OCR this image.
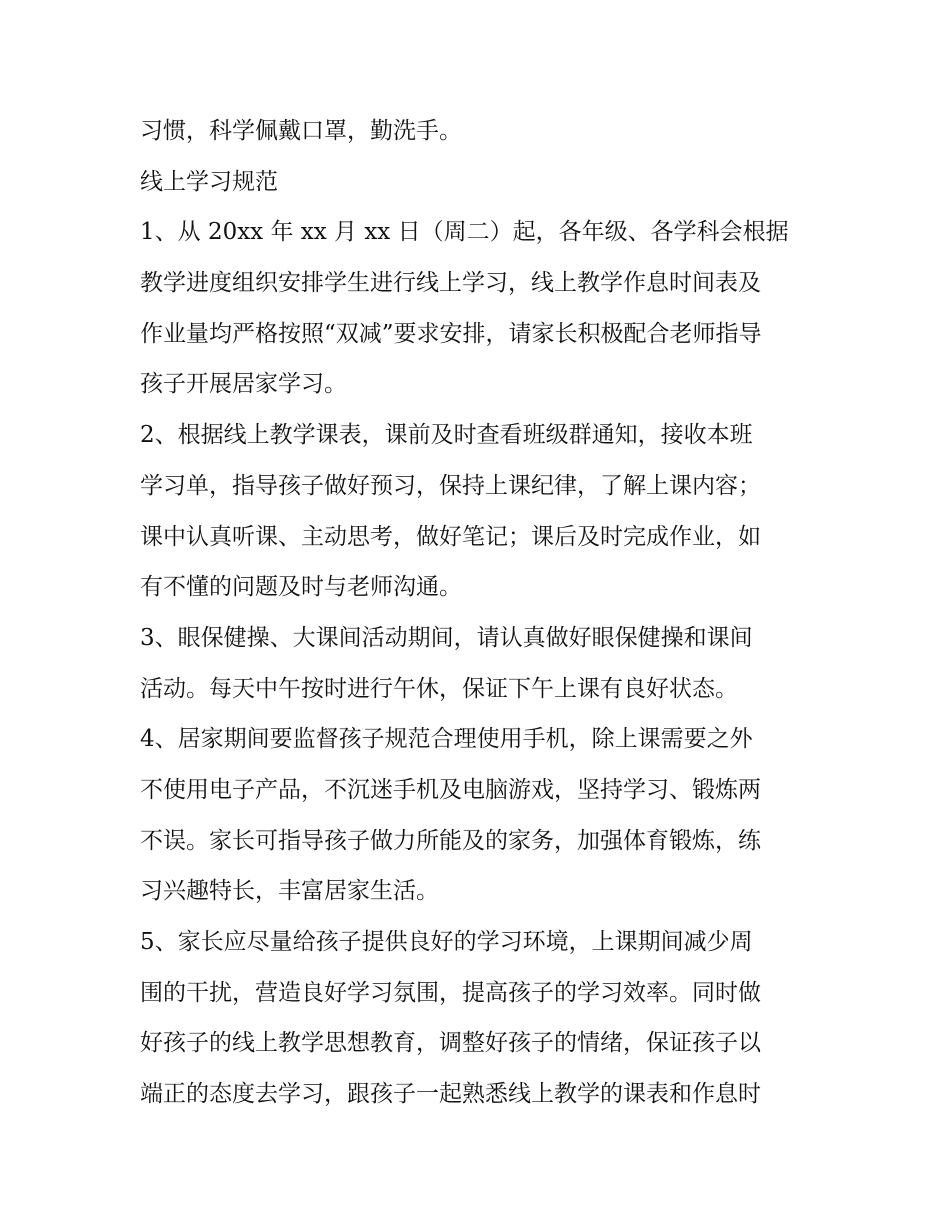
习惯，科学佩戴口罩，勤洗手。
线上学习规范
1、从 20xx 年 xx 月 xx 日（周二）起，各年级、各学科会根据
教学进度组织安排学生进行线上学习，线上教学作息时间表及
作业量均严格按照“双减”要求安排，请家长积极配合老师指导
孩子开展居家学习。
2、根据线上教学课表，课前及时查看班级群通知，接收本班
学习单，指导孩子做好预习，保持上课纪律，了解上课内容；
课中认真听课、主动思考，做好笔记；课后及时完成作业，如
有不懂的问题及时与老师沟通。
3、眼保健操、大课间活动期间，请认真做好眼保健操和课间
活动。每天中午按时进行午休，保证下午上课有良好状态。
4、居家期间要监督孩子规范合理使用手机，除上课需要之外
不使用电子产品，不沉迷手机及电脑游戏，坚持学习、锻炼两
不误。家长可指导孩子做力所能及的家务，加强体育锻炼，练
习兴趣特长，丰富居家生活。
5、家长应尽量给孩子提供良好的学习环境，上课期间减少周
围的干扰，营造良好学习氛围，提高孩子的学习效率。同时做
好孩子的线上教学思想教育，调整好孩子的情绪，保证孩子以
端正的态度去学习，跟孩子一起熟悉线上教学的课表和作息时
